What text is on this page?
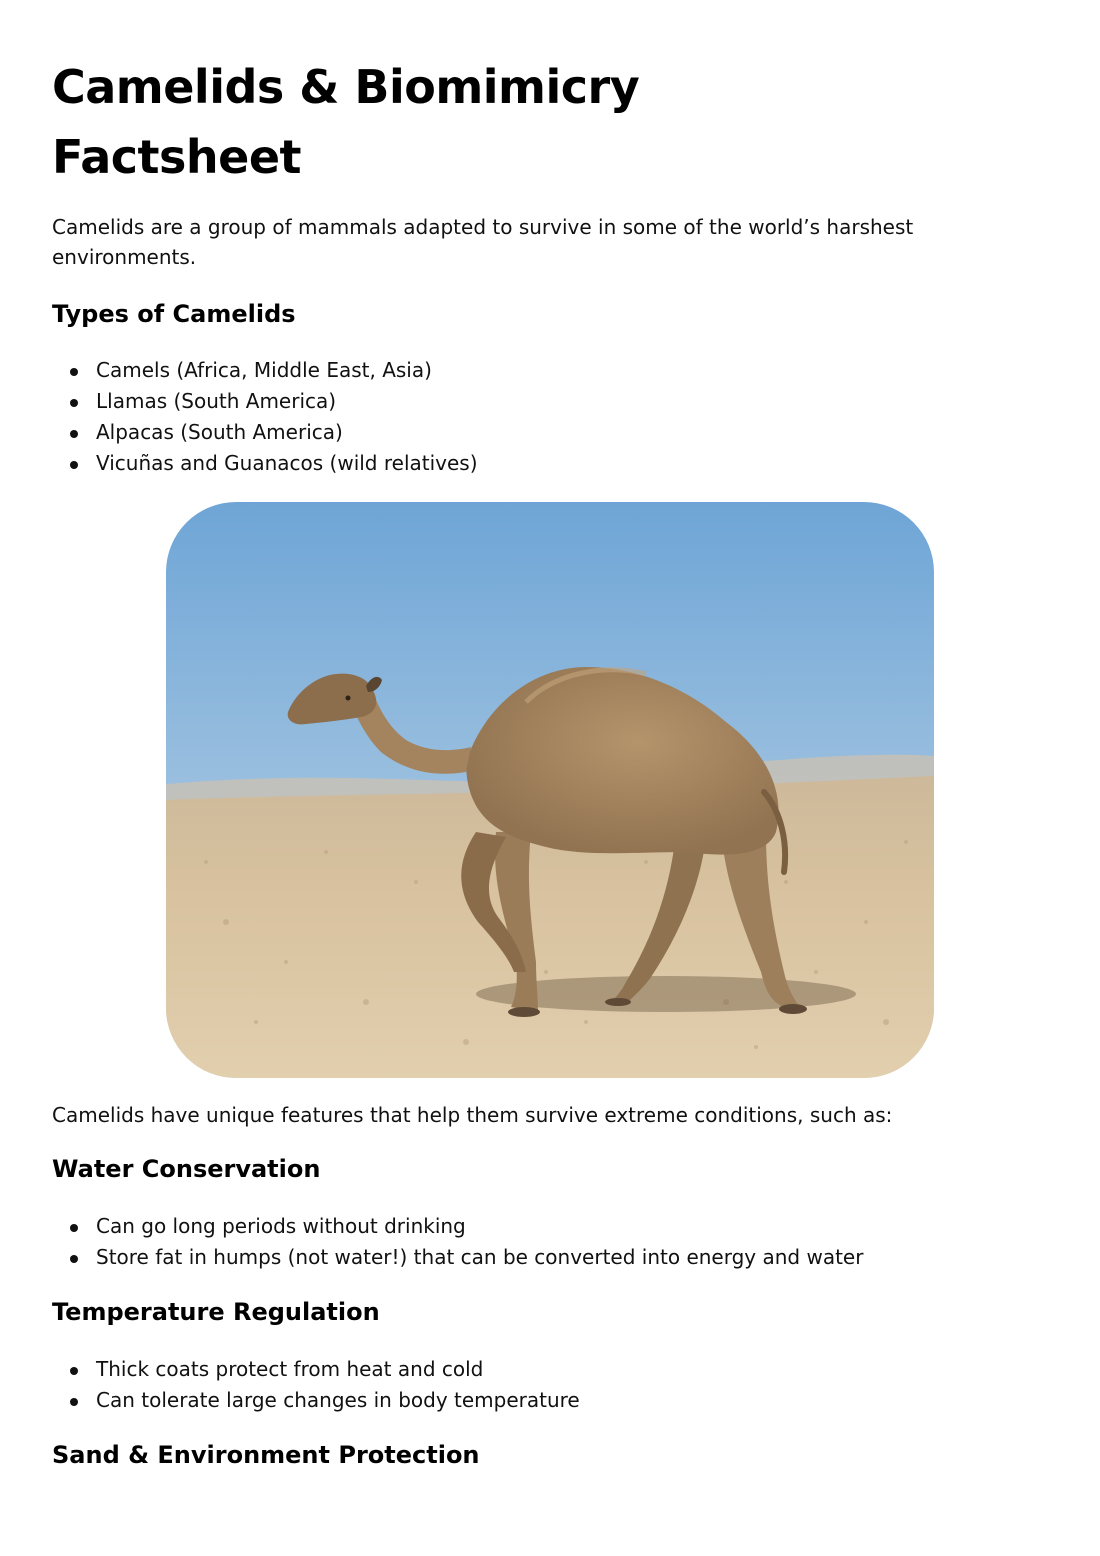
Camelids & Biomimicry Factsheet

Camelids are a group of mammals adapted to survive in some of the world’s harshest environments.

Types of Camelids
Camels (Africa, Middle East, Asia)
Llamas (South America)
Alpacas (South America)
Vicuñas and Guanacos (wild relatives)

Camelids have unique features that help them survive extreme conditions, such as:

Water Conservation
Can go long periods without drinking
Store fat in humps (not water!) that can be converted into energy and water
Temperature Regulation
Thick coats protect from heat and cold
Can tolerate large changes in body temperature
Sand & Environment Protection
